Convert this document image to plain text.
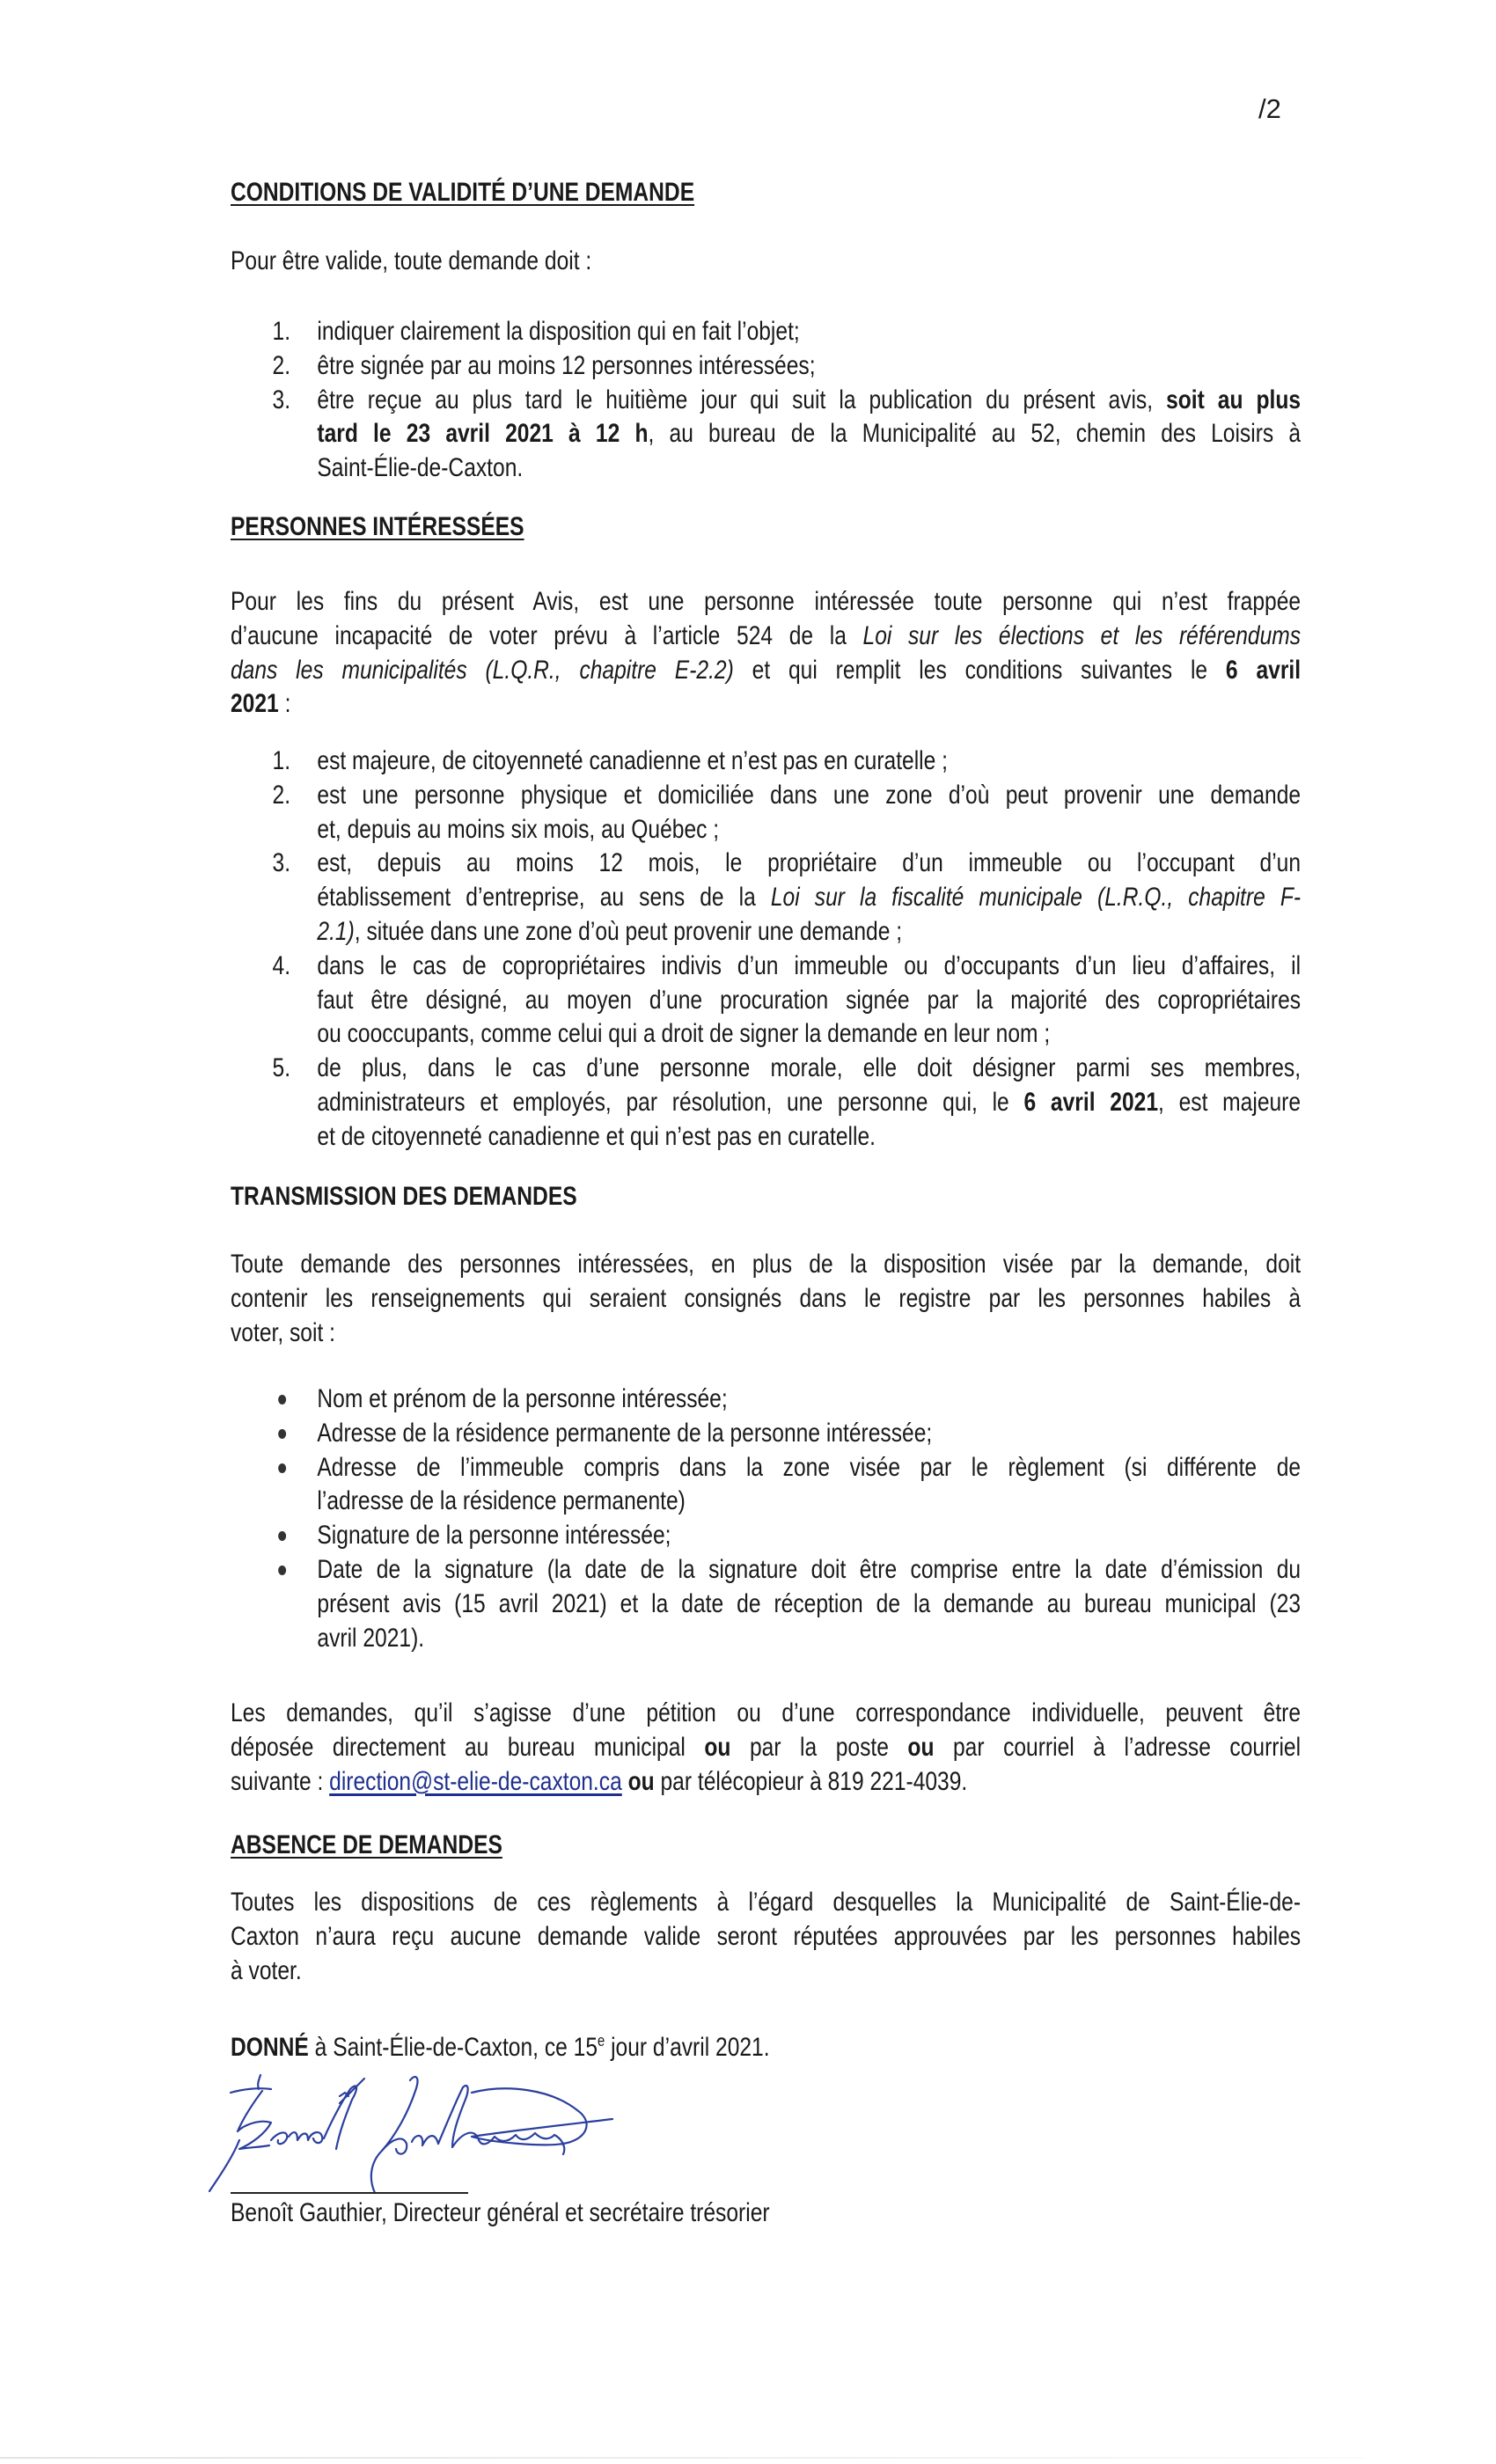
/2
CONDITIONS DE VALIDITÉ D’UNE DEMANDE
Pour être valide, toute demande doit :
1. indiquer clairement la disposition qui en fait l’objet;
2. être signée par au moins 12 personnes intéressées;
3. être reçue au plus tard le huitième jour qui suit la publication du présent avis, soit au plus
tard le 23 avril 2021 à 12 h, au bureau de la Municipalité au 52, chemin des Loisirs à
Saint-Élie-de-Caxton.
PERSONNES INTÉRESSÉES
Pour les fins du présent Avis, est une personne intéressée toute personne qui n’est frappée
d’aucune incapacité de voter prévu à l’article 524 de la Loi sur les élections et les référendums
dans les municipalités (L.Q.R., chapitre E-2.2) et qui remplit les conditions suivantes le 6 avril
2021 :
1. est majeure, de citoyenneté canadienne et n’est pas en curatelle ;
2. est une personne physique et domiciliée dans une zone d’où peut provenir une demande
et, depuis au moins six mois, au Québec ;
3. est, depuis au moins 12 mois, le propriétaire d’un immeuble ou l’occupant d’un
établissement d’entreprise, au sens de la Loi sur la fiscalité municipale (L.R.Q., chapitre F-
2.1), située dans une zone d’où peut provenir une demande ;
4. dans le cas de copropriétaires indivis d’un immeuble ou d’occupants d’un lieu d’affaires, il
faut être désigné, au moyen d’une procuration signée par la majorité des copropriétaires
ou cooccupants, comme celui qui a droit de signer la demande en leur nom ;
5. de plus, dans le cas d’une personne morale, elle doit désigner parmi ses membres,
administrateurs et employés, par résolution, une personne qui, le 6 avril 2021, est majeure
et de citoyenneté canadienne et qui n’est pas en curatelle.
TRANSMISSION DES DEMANDES
Toute demande des personnes intéressées, en plus de la disposition visée par la demande, doit
contenir les renseignements qui seraient consignés dans le registre par les personnes habiles à
voter, soit :
Nom et prénom de la personne intéressée;
Adresse de la résidence permanente de la personne intéressée;
Adresse de l’immeuble compris dans la zone visée par le règlement (si différente de
l’adresse de la résidence permanente)
Signature de la personne intéressée;
Date de la signature (la date de la signature doit être comprise entre la date d’émission du
présent avis (15 avril 2021) et la date de réception de la demande au bureau municipal (23
avril 2021).
Les demandes, qu’il s’agisse d’une pétition ou d’une correspondance individuelle, peuvent être
déposée directement au bureau municipal ou par la poste ou par courriel à l’adresse courriel
suivante : direction@st-elie-de-caxton.ca ou par télécopieur à 819 221-4039.
ABSENCE DE DEMANDES
Toutes les dispositions de ces règlements à l’égard desquelles la Municipalité de Saint-Élie-de-
Caxton n’aura reçu aucune demande valide seront réputées approuvées par les personnes habiles
à voter.
DONNÉ à Saint-Élie-de-Caxton, ce 15e jour d’avril 2021.
Benoît Gauthier, Directeur général et secrétaire trésorier
